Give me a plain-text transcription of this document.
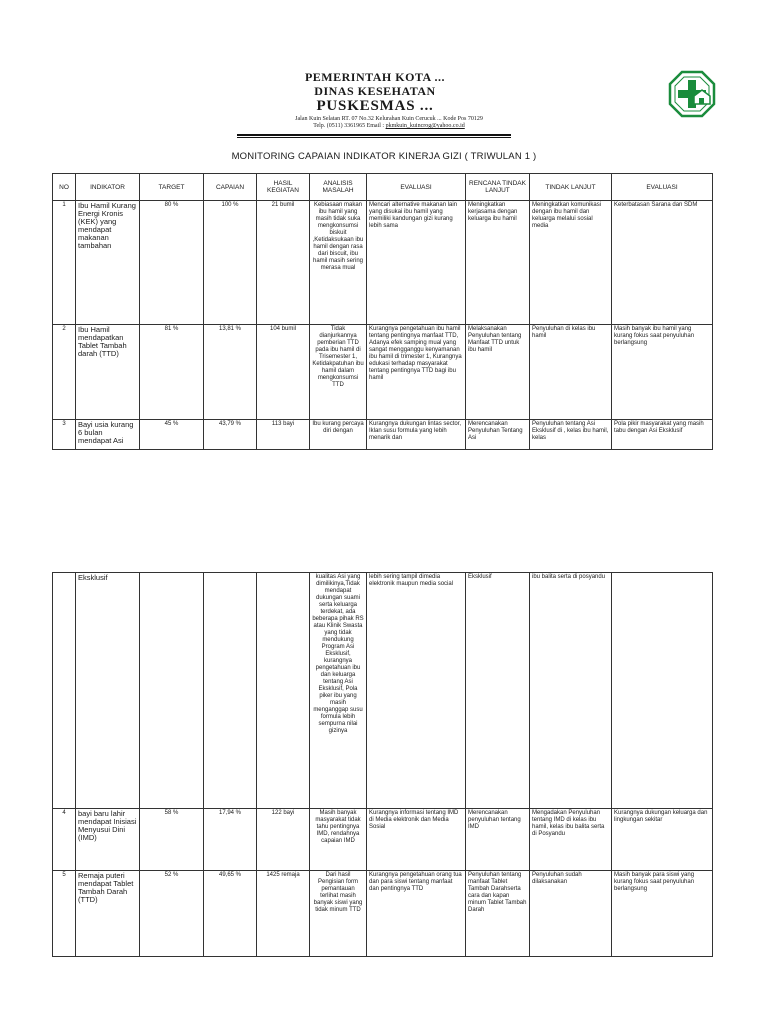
PEMERINTAH KOTA ...
DINAS KESEHATAN
PUSKESMAS ...
Jalan Kuin Selatan RT. 07 No.32 Kelurahan Kuin Cerucuk ... Kode Pos 70129
Telp. (0511) 3361965 Email : pkmkuin_kuincrog@yahoo.co.id
MONITORING CAPAIAN INDIKATOR KINERJA GIZI ( TRIWULAN 1 )
NO	INDIKATOR	TARGET	CAPAIAN	HASIL KEGIATAN	ANALISIS MASALAH	EVALUASI	RENCANA TINDAK LANJUT	TINDAK LANJUT	EVALUASI
1	Ibu Hamil Kurang Energi Kronis (KEK) yang mendapat makanan tambahan	80 %	100 %	21 bumil	Kebiasaan makan ibu hamil yang masih tidak suka mengkonsumsi biskuit ,Ketidaksukaan ibu hamil dengan rasa dari biscuit, ibu hamil masih sering merasa mual	Mencari alternative makanan lain yang disukai ibu hamil yang memiliki kandungan gizi kurang lebih sama	Meningkatkan kerjasama dengan keluarga ibu hamil	Meningkatkan komunikasi dengan ibu hamil dan keluarga melalui sosial media	Keterbatasan Sarana dan SDM
2	Ibu Hamil mendapatkan Tablet Tambah darah (TTD)	81 %	13,81 %	104 bumil	Tidak dianjurkannya pemberian TTD pada ibu hamil di Trisemester 1, Ketidakpatuhan ibu hamil dalam mengkonsumsi TTD	Kurangnya pengetahuan ibu hamil tentang pentingnya manfaat TTD, Adanya efek samping mual yang sangat mengganggu kenyamanan ibu hamil di trimester 1, Kurangnya edukasi terhadap masyarakat tentang pentingnya TTD bagi ibu hamil	Melaksanakan Penyuluhan tentang Manfaat TTD untuk ibu hamil	Penyuluhan di kelas ibu hamil	Masih banyak ibu hamil yang kurang fokus saat penyuluhan berlangsung
3	Bayi usia kurang 6 bulan mendapat Asi	45 %	43,79 %	113 bayi	Ibu kurang percaya diri dengan	Kurangnya dukungan lintas sector, Iklan susu formula yang lebih menarik dan	Merencanakan Penyuluhan Tentang Asi	Penyuluhan tentang Asi Eksklusif di , kelas ibu hamil, kelas	Pola pikir masyarakat yang masih tabu dengan Asi Eksklusif
	Eksklusif				kualitas Asi yang dimilikinya,Tidak mendapat dukungan suami serta keluarga terdekat, ada beberapa pihak RS atau Klinik Swasta yang tidak mendukung Program Asi Eksklusif, kurangnya pengetahuan ibu dan keluarga tentang Asi Eksklusif, Pola piker ibu yang masih menganggap susu formula lebih sempurna nilai gizinya	lebih sering tampil dimedia elektronik maupun media social	Eksklusif	ibu balita serta di posyandu	
4	bayi baru lahir mendapat Inisiasi Menyusui Dini (IMD)	58 %	17,94 %	122 bayi	Masih banyak masyarakat tidak tahu pentingnya IMD, rendahnya capaian IMD	Kurangnya informasi tentang IMD di Media elektronik dan Media Sosial	Merencanakan penyuluhan tentang IMD	Mengadakan Penyuluhan tentang IMD di kelas ibu hamil, kelas ibu balita serta di Posyandu	Kurangnya dukungan keluarga dan lingkungan sekitar
5	Remaja puteri mendapat Tablet Tambah Darah (TTD)	52 %	49,65 %	1425 remaja	Dari hasil Pengisian form pemantauan terlihat masih banyak siswi yang tidak minum TTD	Kurangnya pengetahuan orang tua dan para siswi tentang manfaat dan pentingnya TTD	Penyuluhan tentang manfaat Tablet Tambah Darahserta cara dan kapan minum Tablet Tambah Darah	Penyuluhan sudah dilaksanakan	Masih banyak para siswi yang kurang fokus saat penyuluhan berlangsung
